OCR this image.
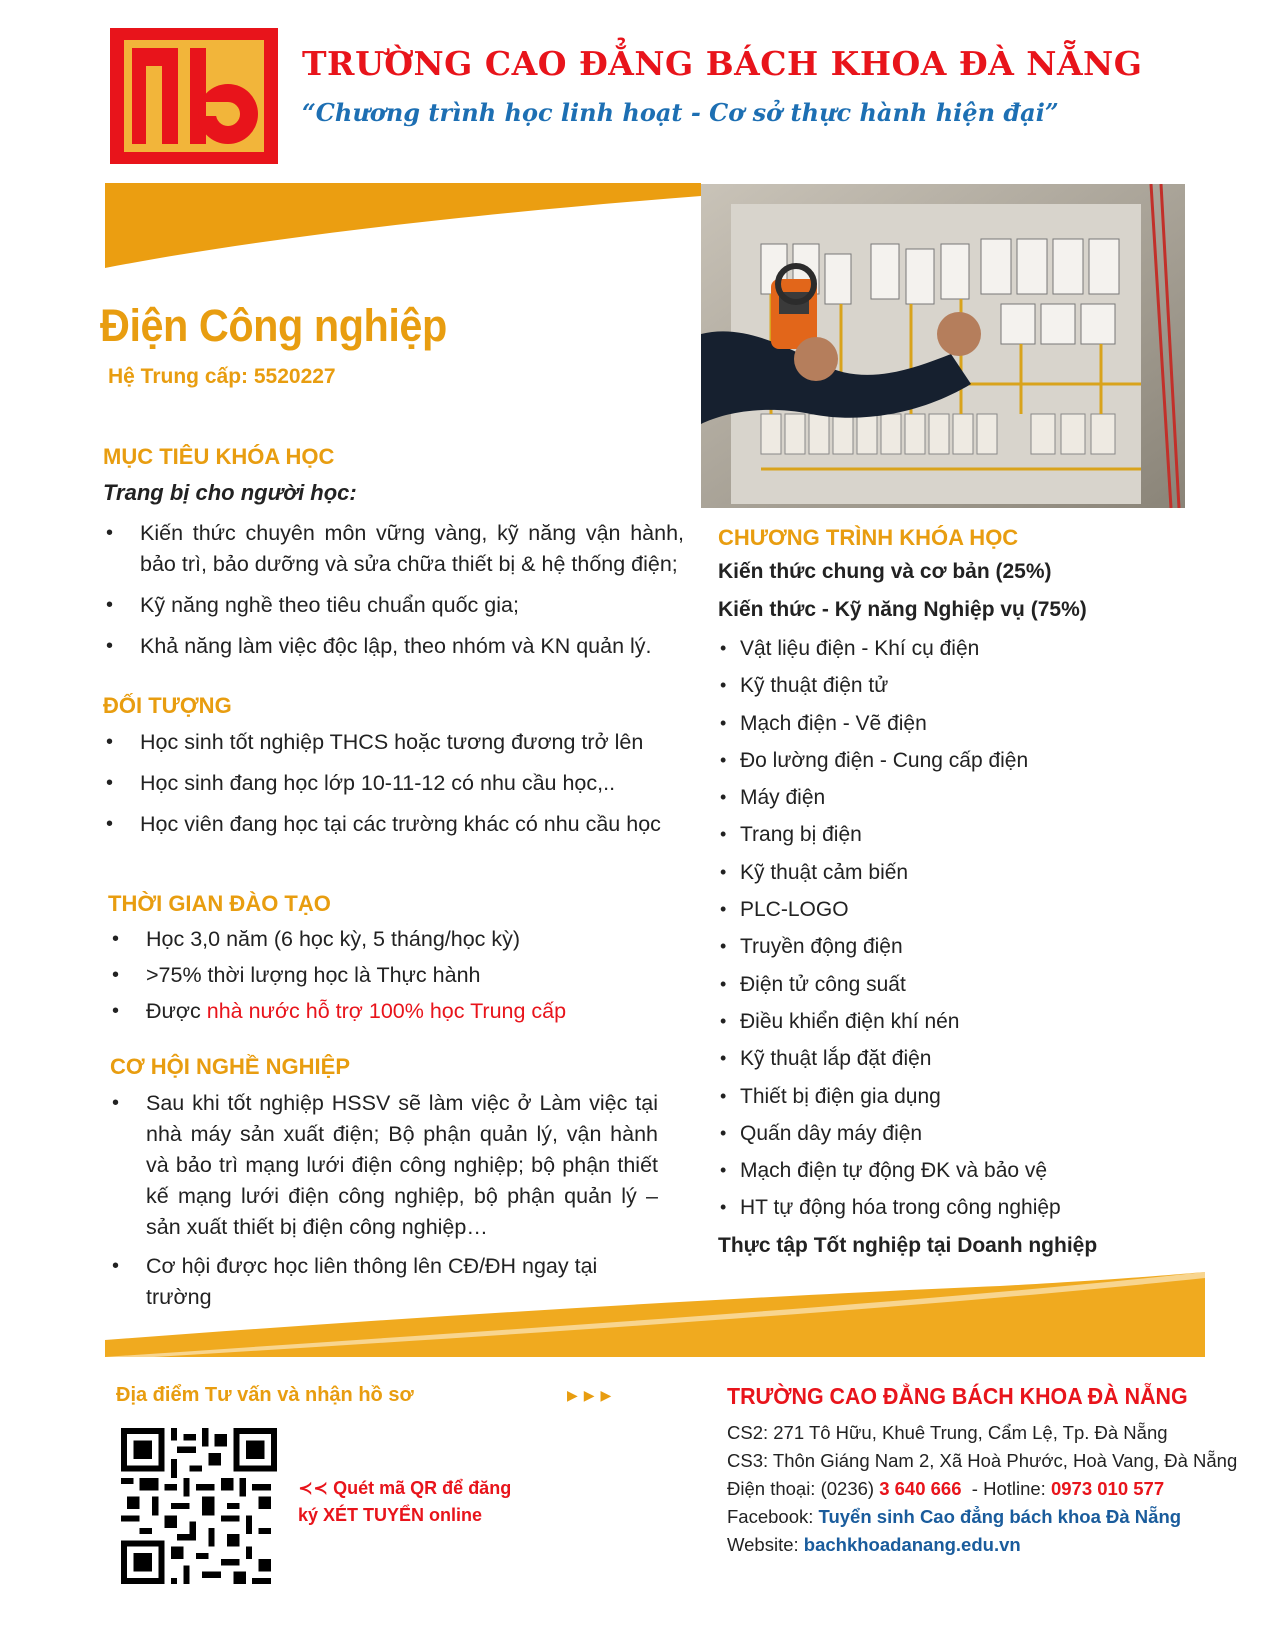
TRƯỜNG CAO ĐẲNG BÁCH KHOA ĐÀ NẴNG
“Chương trình học linh hoạt - Cơ sở thực hành hiện đại”
Điện Công nghiệp
Hệ Trung cấp: 5520227
MỤC TIÊU KHÓA HỌC
Trang bị cho người học:
• Kiến thức chuyên môn vững vàng, kỹ năng vận hành, bảo trì, bảo dưỡng và sửa chữa thiết bị & hệ thống điện;
• Kỹ năng nghề theo tiêu chuẩn quốc gia;
• Khả năng làm việc độc lập, theo nhóm và KN quản lý.
ĐỐI TƯỢNG
• Học sinh tốt nghiệp THCS hoặc tương đương trở lên
• Học sinh đang học lớp 10-11-12 có nhu cầu học,..
• Học viên đang học tại các trường khác có nhu cầu học
THỜI GIAN ĐÀO TẠO
• Học 3,0 năm (6 học kỳ, 5 tháng/học kỳ)
• >75% thời lượng học là Thực hành
• Được nhà nước hỗ trợ 100% học Trung cấp
CƠ HỘI NGHỀ NGHIỆP
• Sau khi tốt nghiệp HSSV sẽ làm việc ở Làm việc tại nhà máy sản xuất điện; Bộ phận quản lý, vận hành và bảo trì mạng lưới điện công nghiệp; bộ phận thiết kế mạng lưới điện công nghiệp, bộ phận quản lý – sản xuất thiết bị điện công nghiệp…
• Cơ hội được học liên thông lên CĐ/ĐH ngay tại trường
CHƯƠNG TRÌNH KHÓA HỌC
Kiến thức chung và cơ bản (25%)
Kiến thức - Kỹ năng Nghiệp vụ (75%)
• Vật liệu điện - Khí cụ điện
• Kỹ thuật điện tử
• Mạch điện - Vẽ điện
• Đo lường điện - Cung cấp điện
• Máy điện
• Trang bị điện
• Kỹ thuật cảm biến
• PLC-LOGO
• Truyền động điện
• Điện tử công suất
• Điều khiển điện khí nén
• Kỹ thuật lắp đặt điện
• Thiết bị điện gia dụng
• Quấn dây máy điện
• Mạch điện tự động ĐK và bảo vệ
• HT tự động hóa trong công nghiệp
Thực tập Tốt nghiệp tại Doanh nghiệp
Địa điểm Tư vấn và nhận hồ sơ	▶▶▶
≺≺ Quét mã QR để đăng
ký XÉT TUYỂN online
TRƯỜNG CAO ĐẲNG BÁCH KHOA ĐÀ NẴNG
CS2: 271 Tô Hữu, Khuê Trung, Cẩm Lệ, Tp. Đà Nẵng
CS3: Thôn Giáng Nam 2, Xã Hoà Phước, Hoà Vang, Đà Nẵng
Điện thoại: (0236) 3 640 666  - Hotline: 0973 010 577
Facebook: Tuyển sinh Cao đẳng bách khoa Đà Nẵng
Website: bachkhoadanang.edu.vn
